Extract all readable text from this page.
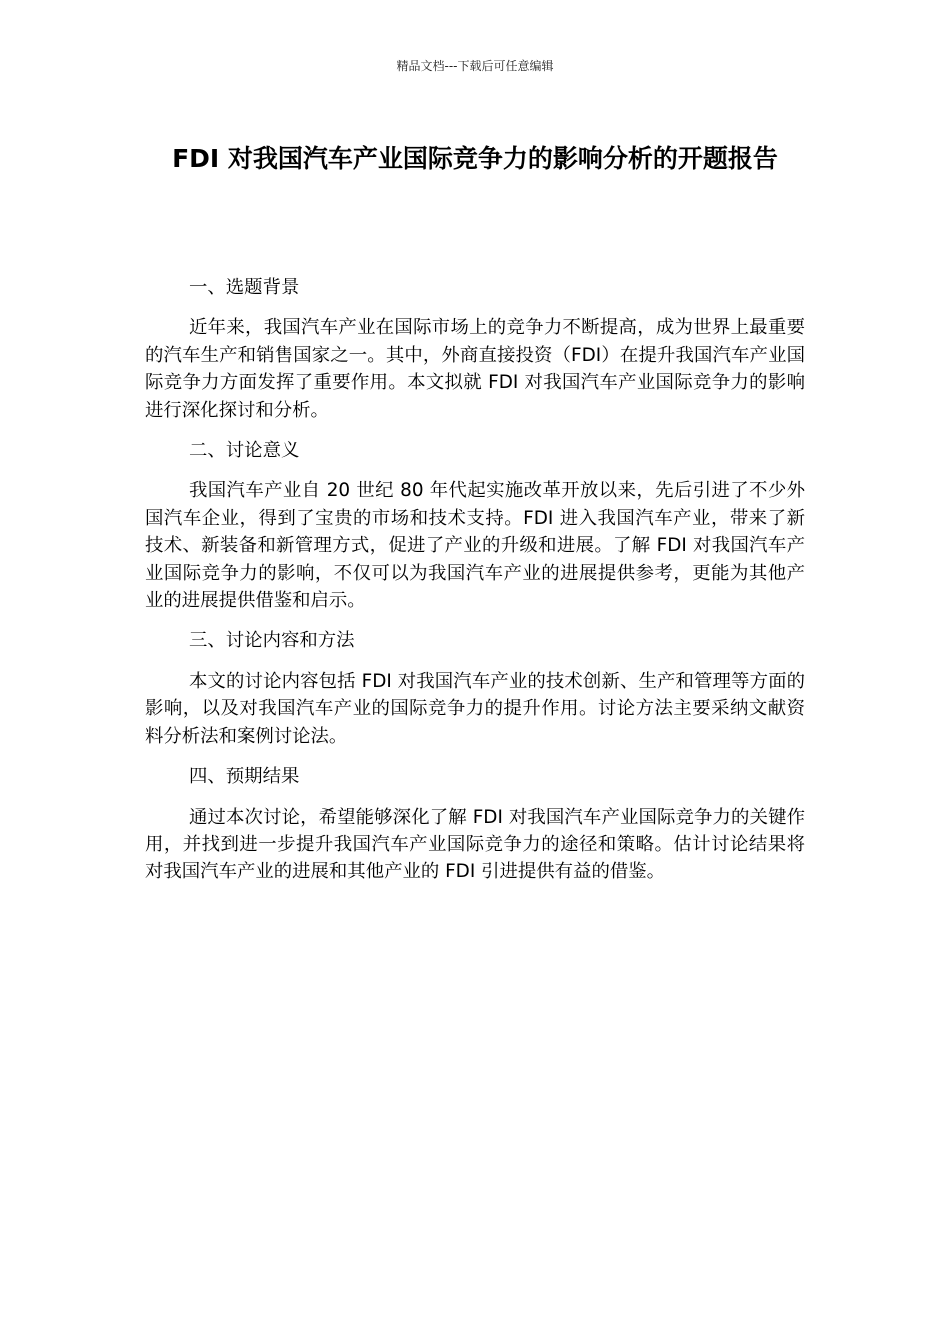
精品文档---下载后可任意编辑
FDI 对我国汽车产业国际竞争力的影响分析的开题报告

一、选题背景

近年来，我国汽车产业在国际市场上的竞争力不断提高，成为世界上最重要的汽车生产和销售国家之一。其中，外商直接投资（FDI）在提升我国汽车产业国际竞争力方面发挥了重要作用。本文拟就 FDI 对我国汽车产业国际竞争力的影响进行深化探讨和分析。

二、讨论意义

我国汽车产业自 20 世纪 80 年代起实施改革开放以来，先后引进了不少外国汽车企业，得到了宝贵的市场和技术支持。FDI 进入我国汽车产业，带来了新技术、新装备和新管理方式，促进了产业的升级和进展。了解 FDI 对我国汽车产业国际竞争力的影响，不仅可以为我国汽车产业的进展提供参考，更能为其他产业的进展提供借鉴和启示。

三、讨论内容和方法

本文的讨论内容包括 FDI 对我国汽车产业的技术创新、生产和管理等方面的影响，以及对我国汽车产业的国际竞争力的提升作用。讨论方法主要采纳文献资料分析法和案例讨论法。

四、预期结果

通过本次讨论，希望能够深化了解 FDI 对我国汽车产业国际竞争力的关键作用，并找到进一步提升我国汽车产业国际竞争力的途径和策略。估计讨论结果将对我国汽车产业的进展和其他产业的 FDI 引进提供有益的借鉴。
